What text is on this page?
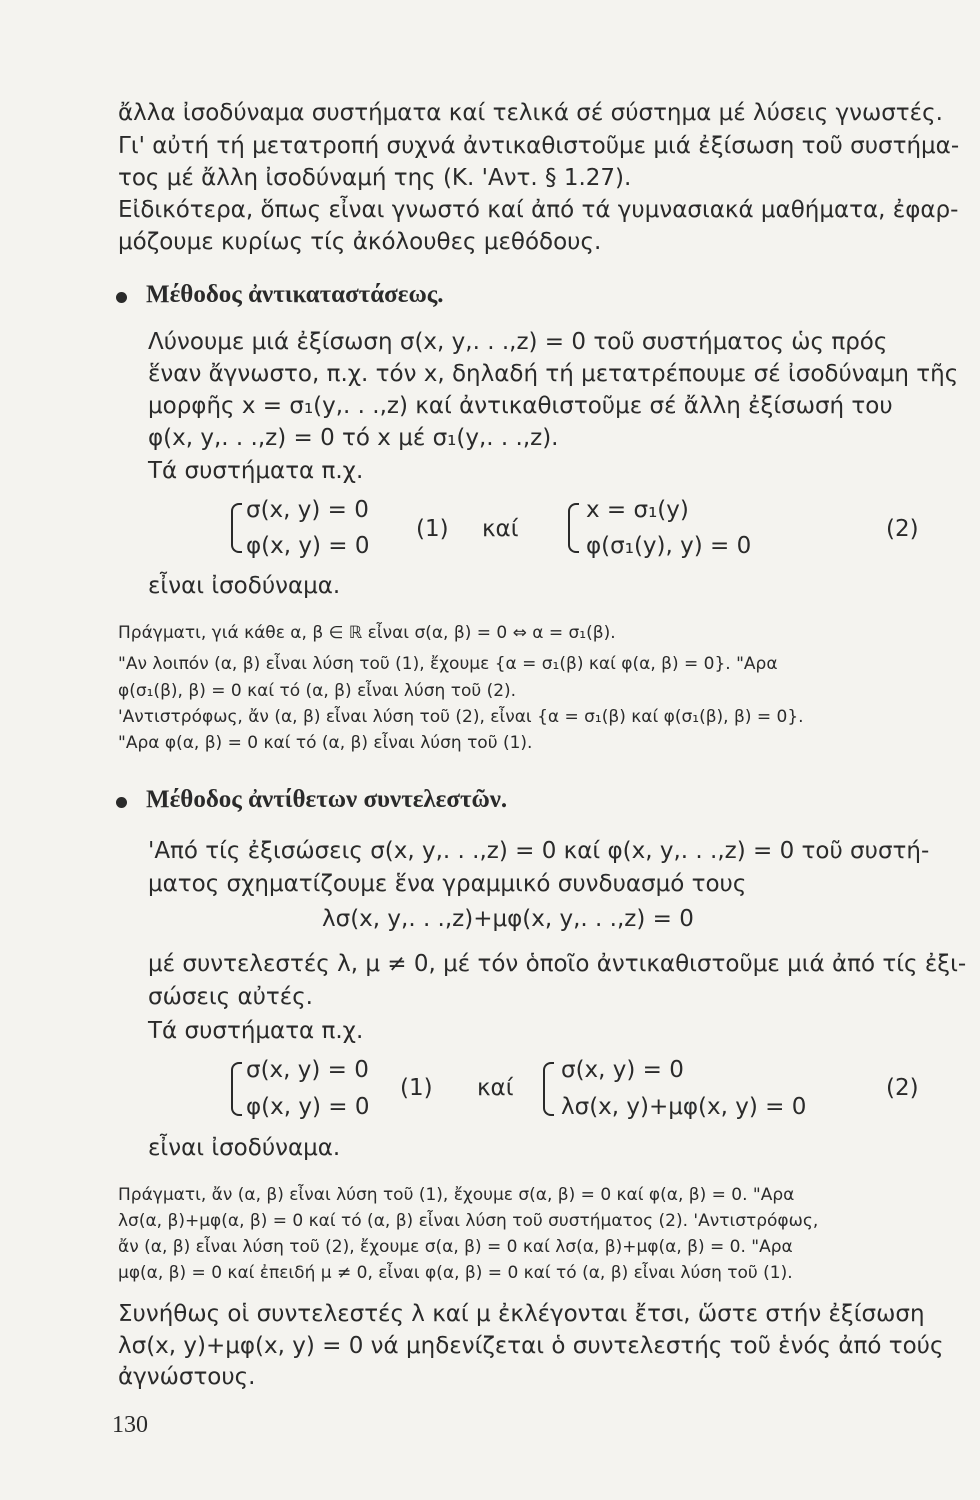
ἄλλα ἰσοδύναμα συστήματα καί τελικά σέ σύστημα μέ λύσεις γνωστές.

Γι' αὐτή τή μετατροπή συχνά ἀντικαθιστοῦμε μιά ἐξίσωση τοῦ συστήμα-

τος μέ ἄλλη ἰσοδύναμή της (Κ. 'Αντ. § 1.27).

Εἰδικότερα, ὅπως εἶναι γνωστό καί ἀπό τά γυμνασιακά μαθήματα, ἐφαρ-

μόζουμε κυρίως τίς ἀκόλουθες μεθόδους.

Μέθοδος ἀντικαταστάσεως.

Λύνουμε μιά ἐξίσωση σ(x, y,. . .,z) = 0 τοῦ συστήματος ὡς πρός

ἕναν ἄγνωστο, π.χ. τόν x, δηλαδή τή μετατρέπουμε σέ ἰσοδύναμη τῆς

μορφῆς x = σ₁(y,. . .,z) καί ἀντικαθιστοῦμε σέ ἄλλη ἐξίσωσή του

φ(x, y,. . .,z) = 0 τό x μέ σ₁(y,. . .,z).

Τά συστήματα π.χ.

σ(x, y) = 0

φ(x, y) = 0

(1) καί

x = σ₁(y)

φ(σ₁(y), y) = 0

(2)

εἶναι ἰσοδύναμα.

Πράγματι, γιά κάθε α, β ∈ ℝ εἶναι σ(α, β) = 0 ⇔ α = σ₁(β).

"Αν λοιπόν (α, β) εἶναι λύση τοῦ (1), ἔχουμε {α = σ₁(β) καί φ(α, β) = 0}. "Αρα

φ(σ₁(β), β) = 0 καί τό (α, β) εἶναι λύση τοῦ (2).

'Αντιστρόφως, ἄν (α, β) εἶναι λύση τοῦ (2), εἶναι {α = σ₁(β) καί φ(σ₁(β), β) = 0}.

"Αρα φ(α, β) = 0 καί τό (α, β) εἶναι λύση τοῦ (1).

Μέθοδος ἀντίθετων συντελεστῶν.

'Από τίς ἐξισώσεις σ(x, y,. . .,z) = 0 καί φ(x, y,. . .,z) = 0 τοῦ συστή-

ματος σχηματίζουμε ἕνα γραμμικό συνδυασμό τους

λσ(x, y,. . .,z)+μφ(x, y,. . .,z) = 0

μέ συντελεστές λ, μ ≠ 0, μέ τόν ὁποῖο ἀντικαθιστοῦμε μιά ἀπό τίς ἐξι-

σώσεις αὐτές.

Τά συστήματα π.χ.

σ(x, y) = 0

φ(x, y) = 0

(1) καί

σ(x, y) = 0

λσ(x, y)+μφ(x, y) = 0

(2)

εἶναι ἰσοδύναμα.

Πράγματι, ἄν (α, β) εἶναι λύση τοῦ (1), ἔχουμε σ(α, β) = 0 καί φ(α, β) = 0. "Αρα

λσ(α, β)+μφ(α, β) = 0 καί τό (α, β) εἶναι λύση τοῦ συστήματος (2). 'Αντιστρόφως,

ἄν (α, β) εἶναι λύση τοῦ (2), ἔχουμε σ(α, β) = 0 καί λσ(α, β)+μφ(α, β) = 0. "Αρα

μφ(α, β) = 0 καί ἐπειδή μ ≠ 0, εἶναι φ(α, β) = 0 καί τό (α, β) εἶναι λύση τοῦ (1).

Συνήθως οἱ συντελεστές λ καί μ ἐκλέγονται ἔτσι, ὥστε στήν ἐξίσωση

λσ(x, y)+μφ(x, y) = 0 νά μηδενίζεται ὁ συντελεστής τοῦ ἑνός ἀπό τούς

ἀγνώστους.

130
